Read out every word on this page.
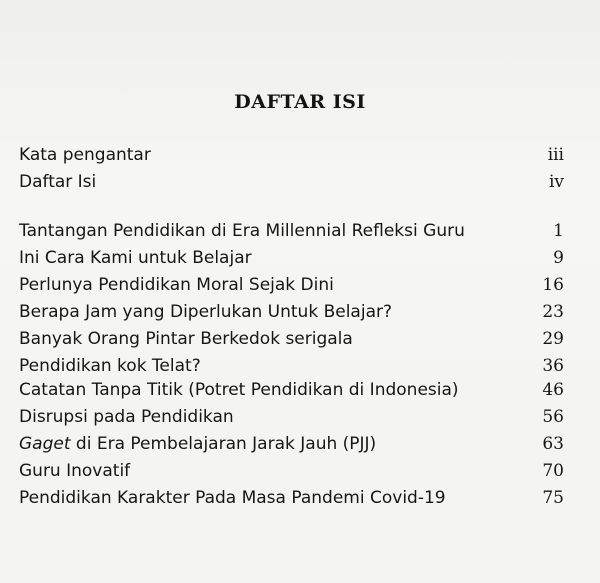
DAFTAR ISI
Kata pengantar	iii
Daftar Isi	iv
Tantangan Pendidikan di Era Millennial Refleksi Guru	1
Ini Cara Kami untuk Belajar	9
Perlunya Pendidikan Moral Sejak Dini	16
Berapa Jam yang Diperlukan Untuk Belajar?	23
Banyak Orang Pintar Berkedok serigala	29
Pendidikan kok Telat?	36
Catatan Tanpa Titik (Potret Pendidikan di Indonesia)	46
Disrupsi pada Pendidikan	56
Gaget di Era Pembelajaran Jarak Jauh (PJJ)	63
Guru Inovatif	70
Pendidikan Karakter Pada Masa Pandemi Covid-19	75
